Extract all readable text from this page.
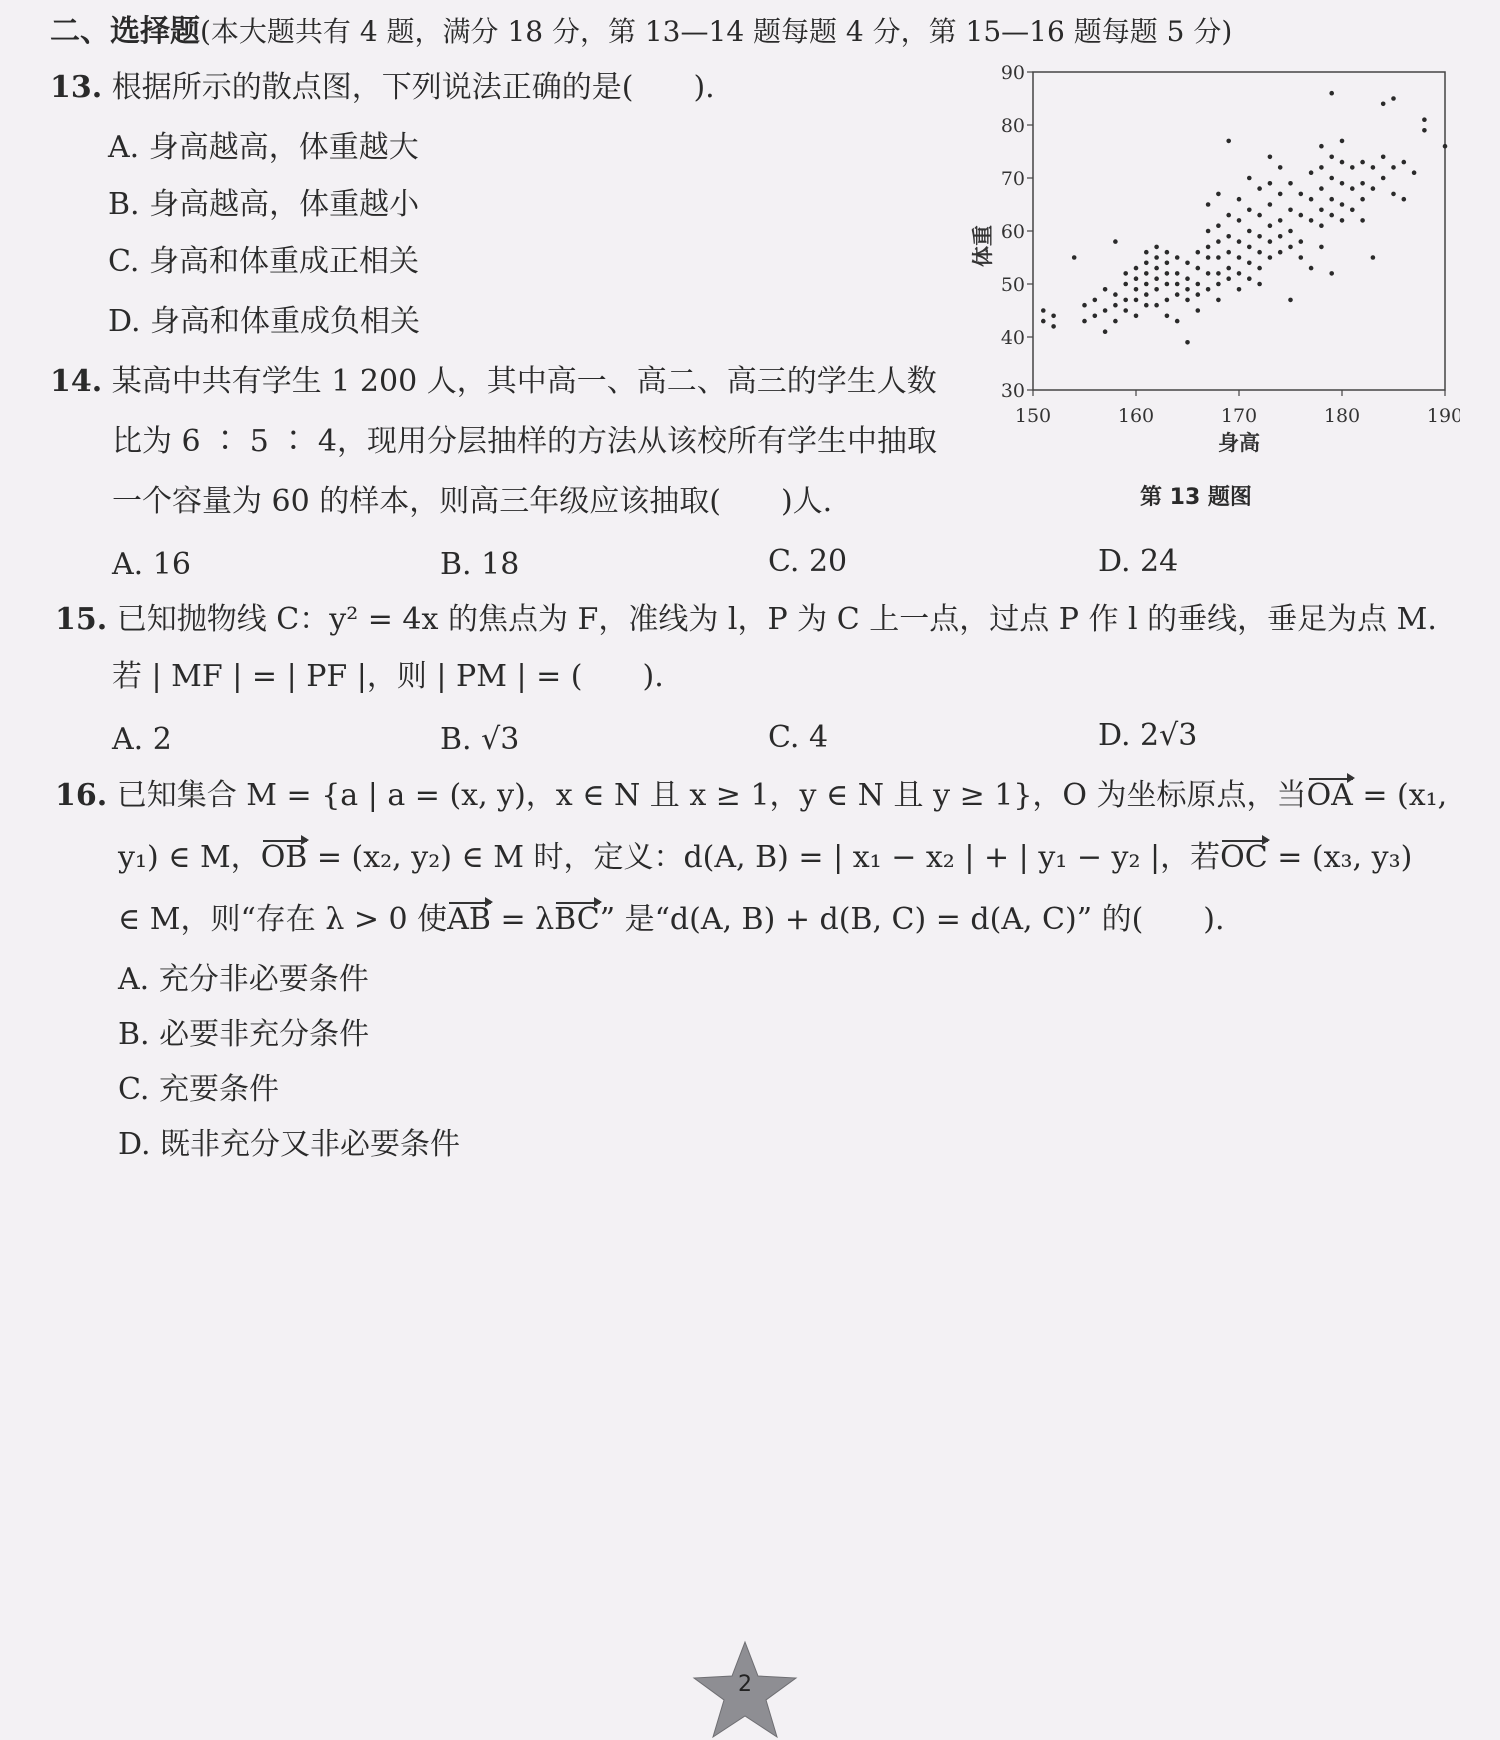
二、选择题(本大题共有 4 题，满分 18 分，第 13—14 题每题 4 分，第 15—16 题每题 5 分)
13. 根据所示的散点图，下列说法正确的是(　　).
A. 身高越高，体重越大
B. 身高越高，体重越小
C. 身高和体重成正相关
D. 身高和体重成负相关
30
40
50
60
70
80
90
150	160	170	180	190
身高
体重
第 13 题图
14. 某高中共有学生 1 200 人，其中高一、高二、高三的学生人数
比为 6 ∶ 5 ∶ 4，现用分层抽样的方法从该校所有学生中抽取
一个容量为 60 的样本，则高三年级应该抽取(　　)人.
A. 16	B. 18	C. 20	D. 24
15. 已知抛物线 C：y² = 4x 的焦点为 F，准线为 l，P 为 C 上一点，过点 P 作 l 的垂线，垂足为点 M.
若 | MF | = | PF |，则 | PM | = (　　).
A. 2	B. √3	C. 4	D. 2√3
16. 已知集合 M = {a | a = (x, y)，x ∈ N 且 x ≥ 1，y ∈ N 且 y ≥ 1}，O 为坐标原点，当OA = (x₁,
y₁) ∈ M，OB = (x₂, y₂) ∈ M 时，定义：d(A, B) = | x₁ − x₂ | + | y₁ − y₂ |，若OC = (x₃, y₃)
∈ M，则“存在 λ > 0 使AB = λBC” 是“d(A, B) + d(B, C) = d(A, C)” 的(　　).
A. 充分非必要条件
B. 必要非充分条件
C. 充要条件
D. 既非充分又非必要条件
2
